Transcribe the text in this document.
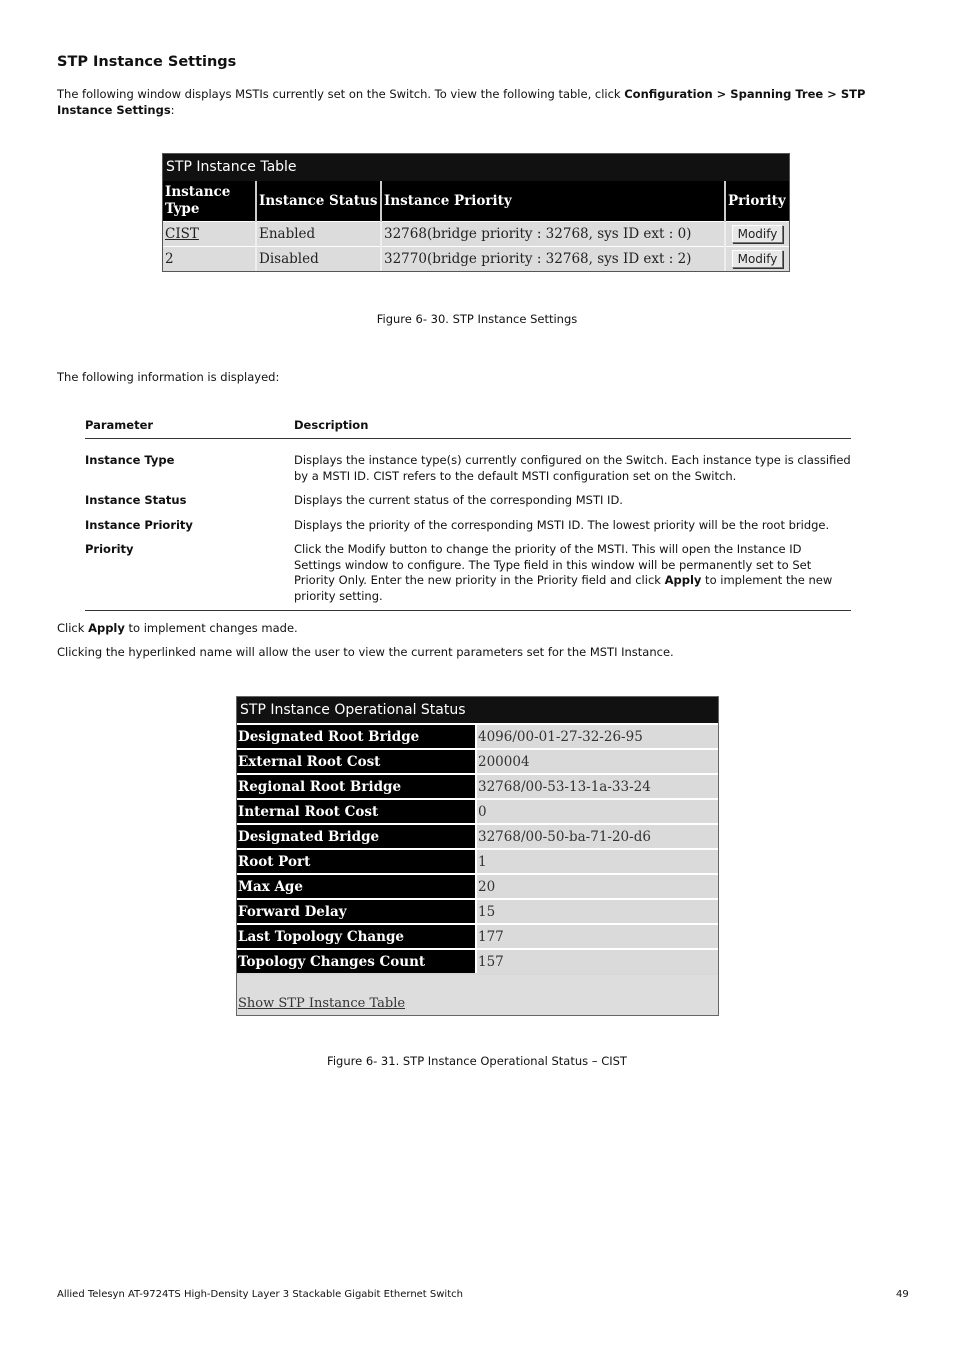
STP Instance Settings
The following window displays MSTIs currently set on the Switch. To view the following table, click Configuration > Spanning Tree > STP Instance Settings:
STP Instance Table
Instance Type	Instance Status	Instance Priority	Priority
CIST	Enabled	32768(bridge priority : 32768, sys ID ext : 0)	Modify
2	Disabled	32770(bridge priority : 32768, sys ID ext : 2)	Modify
Figure 6- 30. STP Instance Settings
The following information is displayed:
Parameter	Description
Instance Type	Displays the instance type(s) currently configured on the Switch. Each instance type is classified by a MSTI ID. CIST refers to the default MSTI configuration set on the Switch.
Instance Status	Displays the current status of the corresponding MSTI ID.
Instance Priority	Displays the priority of the corresponding MSTI ID. The lowest priority will be the root bridge.
Priority	Click the Modify button to change the priority of the MSTI. This will open the Instance ID Settings window to configure. The Type field in this window will be permanently set to Set Priority Only. Enter the new priority in the Priority field and click Apply to implement the new priority setting.
Click Apply to implement changes made.
Clicking the hyperlinked name will allow the user to view the current parameters set for the MSTI Instance.
STP Instance Operational Status
Designated Root Bridge	4096/00-01-27-32-26-95
External Root Cost	200004
Regional Root Bridge	32768/00-53-13-1a-33-24
Internal Root Cost	0
Designated Bridge	32768/00-50-ba-71-20-d6
Root Port	1
Max Age	20
Forward Delay	15
Last Topology Change	177
Topology Changes Count	157
Show STP Instance Table
Figure 6- 31. STP Instance Operational Status – CIST
Allied Telesyn AT-9724TS High-Density Layer 3 Stackable Gigabit Ethernet Switch	49
